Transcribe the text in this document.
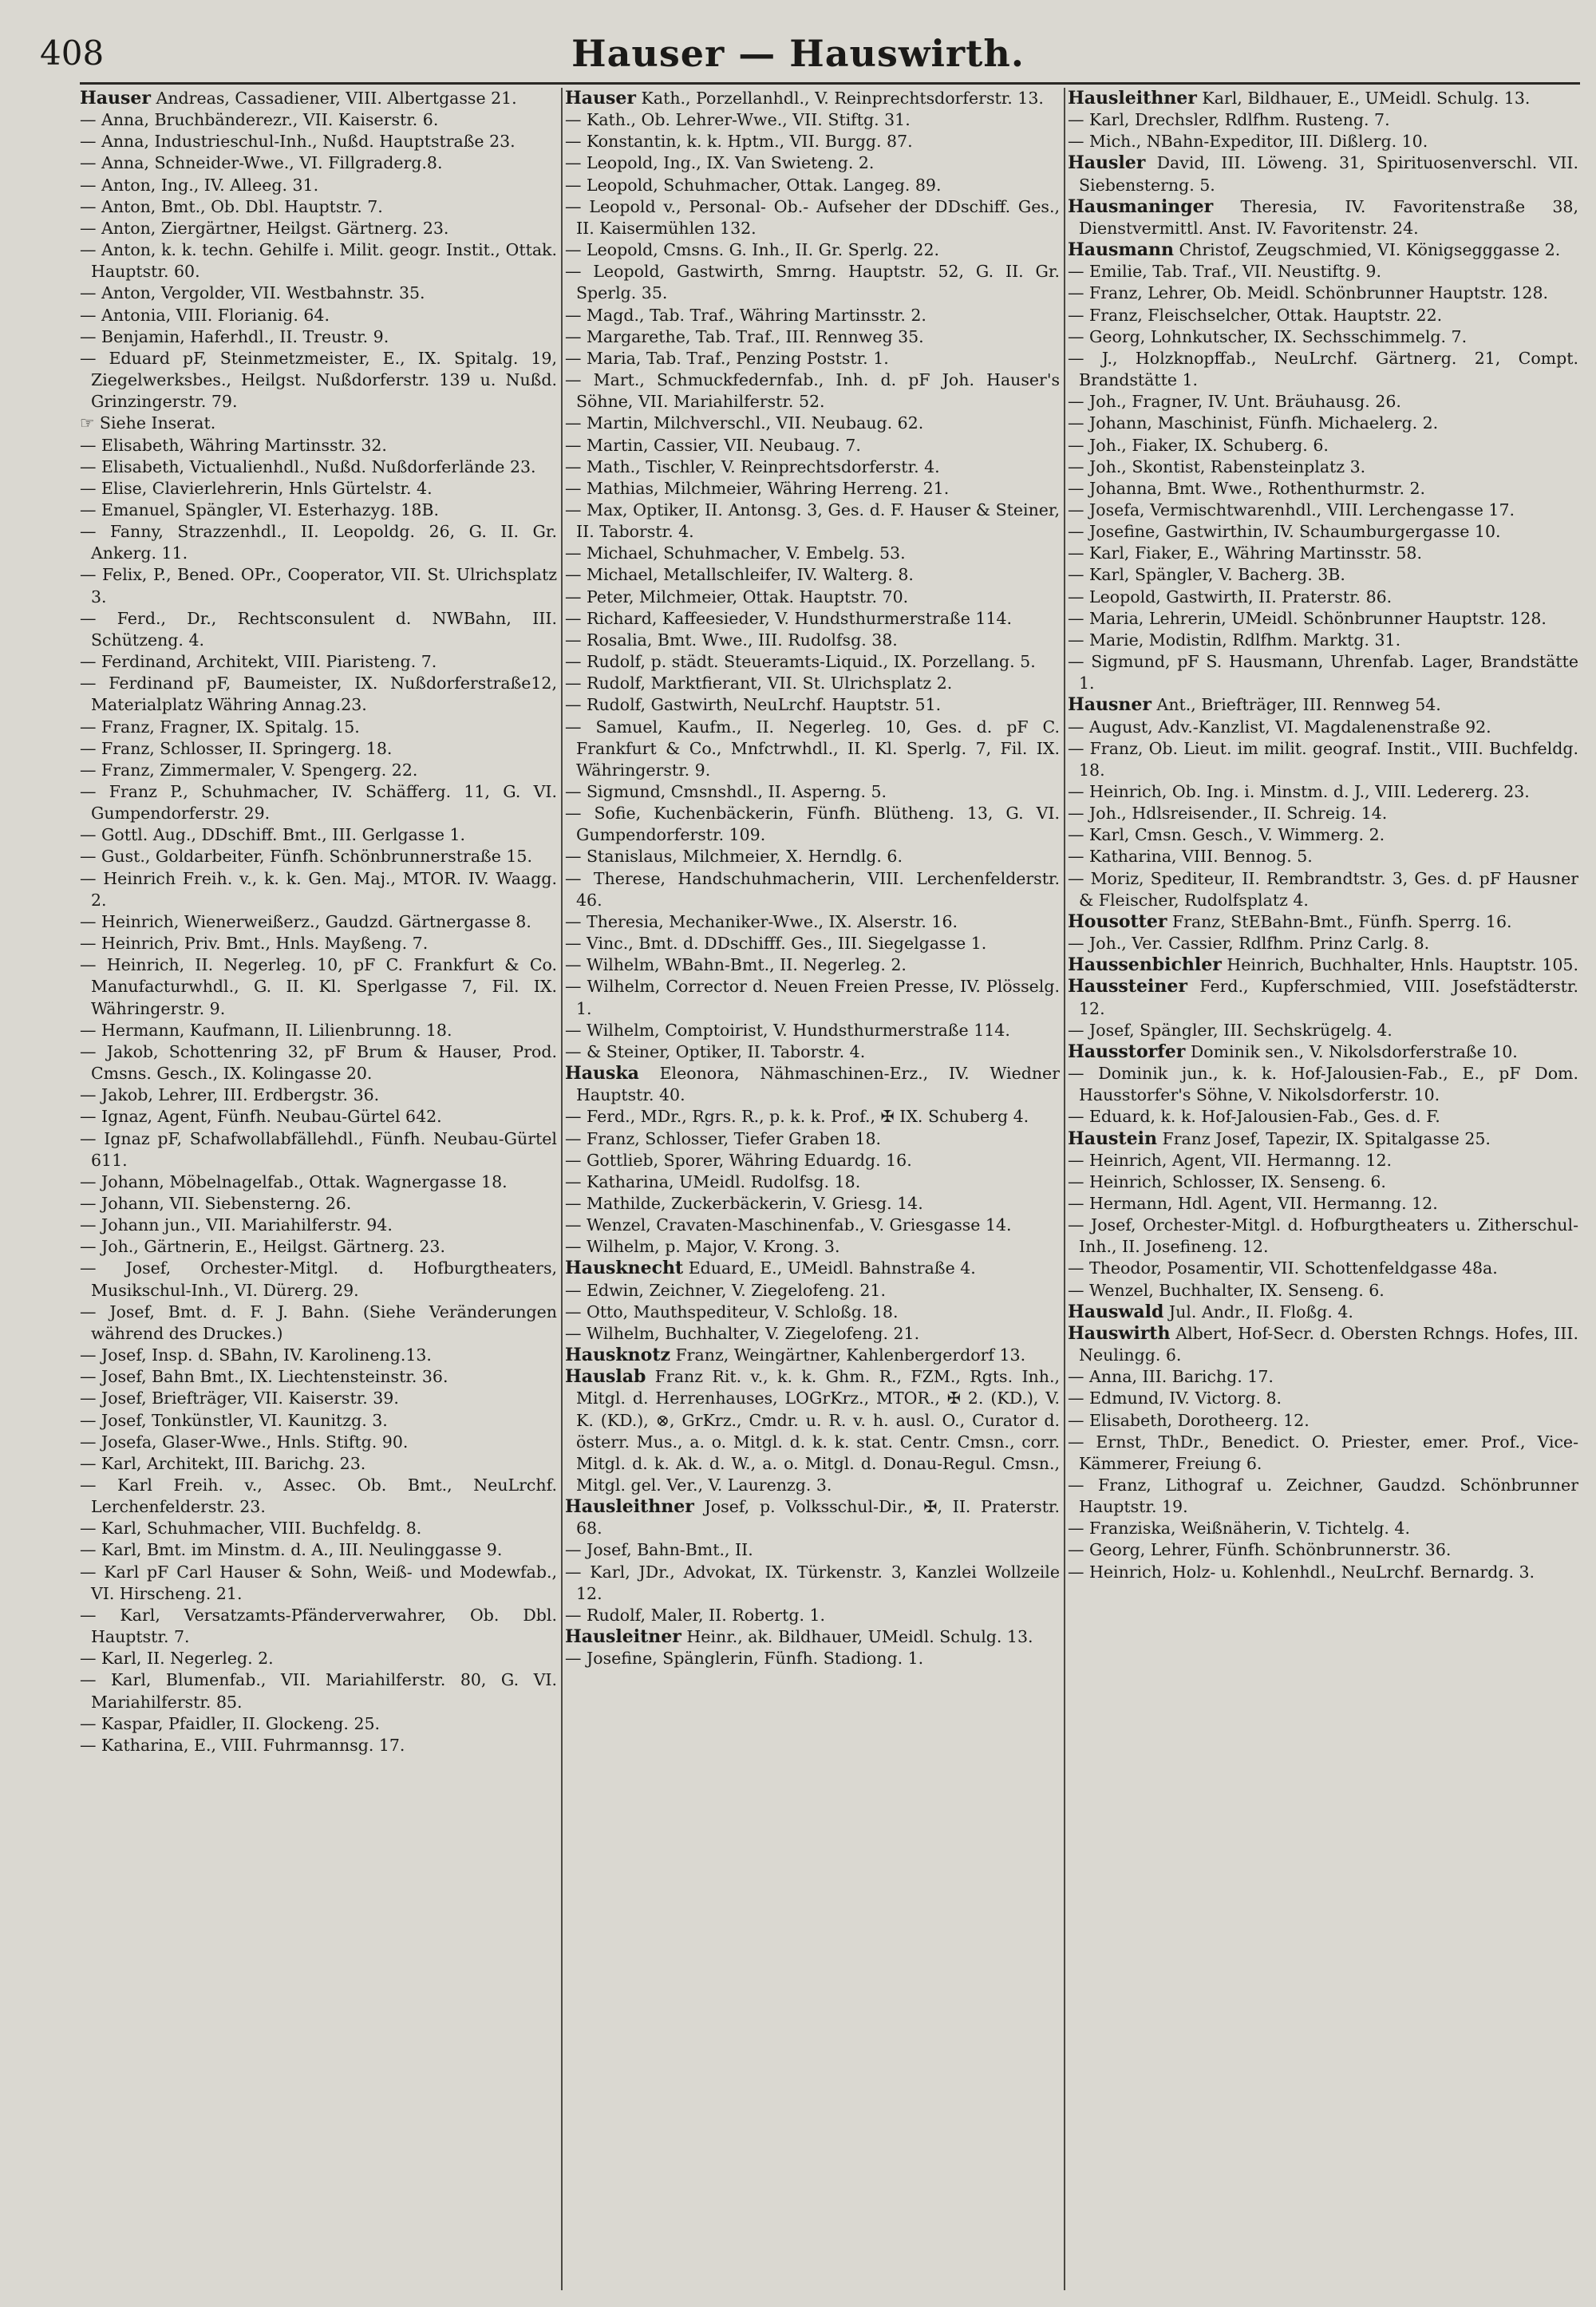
408	Hauser — Hauswirth.
Hauser Andreas, Cassadiener, VIII. Albertgasse 21.
— Anna, Bruchbänderezr., VII. Kaiserstr. 6.
— Anna, Industrieschul-Inh., Nußd. Hauptstraße 23.
— Anna, Schneider-Wwe., VI. Fillgraderg.8.
— Anton, Ing., IV. Alleeg. 31.
— Anton, Bmt., Ob. Dbl. Hauptstr. 7.
— Anton, Ziergärtner, Heilgst. Gärtnerg. 23.
— Anton, k. k. techn. Gehilfe i. Milit. geogr. Instit., Ottak. Hauptstr. 60.
— Anton, Vergolder, VII. Westbahnstr. 35.
— Antonia, VIII. Florianig. 64.
— Benjamin, Haferhdl., II. Treustr. 9.
— Eduard pF, Steinmetzmeister, E., IX. Spitalg. 19, Ziegelwerksbes., Heilgst. Nußdorferstr. 139 u. Nußd. Grinzingerstr. 79.
☞ Siehe Inserat.
— Elisabeth, Währing Martinsstr. 32.
— Elisabeth, Victualienhdl., Nußd. Nußdorferlände 23.
— Elise, Clavierlehrerin, Hnls Gürtelstr. 4.
— Emanuel, Spängler, VI. Esterhazyg. 18B.
— Fanny, Strazzenhdl., II. Leopoldg. 26, G. II. Gr. Ankerg. 11.
— Felix, P., Bened. OPr., Cooperator, VII. St. Ulrichsplatz 3.
— Ferd., Dr., Rechtsconsulent d. NWBahn, III. Schützeng. 4.
— Ferdinand, Architekt, VIII. Piaristeng. 7.
— Ferdinand pF, Baumeister, IX. Nußdorferstraße12, Materialplatz Währing Annag.23.
— Franz, Fragner, IX. Spitalg. 15.
— Franz, Schlosser, II. Springerg. 18.
— Franz, Zimmermaler, V. Spengerg. 22.
— Franz P., Schuhmacher, IV. Schäfferg. 11, G. VI. Gumpendorferstr. 29.
— Gottl. Aug., DDschiff. Bmt., III. Gerlgasse 1.
— Gust., Goldarbeiter, Fünfh. Schönbrunnerstraße 15.
— Heinrich Freih. v., k. k. Gen. Maj., MTOR. IV. Waagg. 2.
— Heinrich, Wienerweißerz., Gaudzd. Gärtnergasse 8.
— Heinrich, Priv. Bmt., Hnls. Mayßeng. 7.
— Heinrich, II. Negerleg. 10, pF C. Frankfurt & Co. Manufacturwhdl., G. II. Kl. Sperlgasse 7, Fil. IX. Währingerstr. 9.
— Hermann, Kaufmann, II. Lilienbrunng. 18.
— Jakob, Schottenring 32, pF Brum & Hauser, Prod. Cmsns. Gesch., IX. Kolingasse 20.
— Jakob, Lehrer, III. Erdbergstr. 36.
— Ignaz, Agent, Fünfh. Neubau-Gürtel 642.
— Ignaz pF, Schafwollabfällehdl., Fünfh. Neubau-Gürtel 611.
— Johann, Möbelnagelfab., Ottak. Wagnergasse 18.
— Johann, VII. Siebensterng. 26.
— Johann jun., VII. Mariahilferstr. 94.
— Joh., Gärtnerin, E., Heilgst. Gärtnerg. 23.
— Josef, Orchester-Mitgl. d. Hofburgtheaters, Musikschul-Inh., VI. Dürerg. 29.
— Josef, Bmt. d. F. J. Bahn. (Siehe Veränderungen während des Druckes.)
— Josef, Insp. d. SBahn, IV. Karolineng.13.
— Josef, Bahn Bmt., IX. Liechtensteinstr. 36.
— Josef, Briefträger, VII. Kaiserstr. 39.
— Josef, Tonkünstler, VI. Kaunitzg. 3.
— Josefa, Glaser-Wwe., Hnls. Stiftg. 90.
— Karl, Architekt, III. Barichg. 23.
— Karl Freih. v., Assec. Ob. Bmt., NeuLrchf. Lerchenfelderstr. 23.
— Karl, Schuhmacher, VIII. Buchfeldg. 8.
— Karl, Bmt. im Minstm. d. A., III. Neulinggasse 9.
— Karl pF Carl Hauser & Sohn, Weiß- und Modewfab., VI. Hirscheng. 21.
— Karl, Versatzamts-Pfänderverwahrer, Ob. Dbl. Hauptstr. 7.
— Karl, II. Negerleg. 2.
— Karl, Blumenfab., VII. Mariahilferstr. 80, G. VI. Mariahilferstr. 85.
— Kaspar, Pfaidler, II. Glockeng. 25.
— Katharina, E., VIII. Fuhrmannsg. 17.
Hauser Kath., Porzellanhdl., V. Reinprechtsdorferstr. 13.
— Kath., Ob. Lehrer-Wwe., VII. Stiftg. 31.
— Konstantin, k. k. Hptm., VII. Burgg. 87.
— Leopold, Ing., IX. Van Swieteng. 2.
— Leopold, Schuhmacher, Ottak. Langeg. 89.
— Leopold v., Personal- Ob.- Aufseher der DDschiff. Ges., II. Kaisermühlen 132.
— Leopold, Cmsns. G. Inh., II. Gr. Sperlg. 22.
— Leopold, Gastwirth, Smrng. Hauptstr. 52, G. II. Gr. Sperlg. 35.
— Magd., Tab. Traf., Währing Martinsstr. 2.
— Margarethe, Tab. Traf., III. Rennweg 35.
— Maria, Tab. Traf., Penzing Poststr. 1.
— Mart., Schmuckfedernfab., Inh. d. pF Joh. Hauser's Söhne, VII. Mariahilferstr. 52.
— Martin, Milchverschl., VII. Neubaug. 62.
— Martin, Cassier, VII. Neubaug. 7.
— Math., Tischler, V. Reinprechtsdorferstr. 4.
— Mathias, Milchmeier, Währing Herreng. 21.
— Max, Optiker, II. Antonsg. 3, Ges. d. F. Hauser & Steiner, II. Taborstr. 4.
— Michael, Schuhmacher, V. Embelg. 53.
— Michael, Metallschleifer, IV. Walterg. 8.
— Peter, Milchmeier, Ottak. Hauptstr. 70.
— Richard, Kaffeesieder, V. Hundsthurmerstraße 114.
— Rosalia, Bmt. Wwe., III. Rudolfsg. 38.
— Rudolf, p. städt. Steueramts-Liquid., IX. Porzellang. 5.
— Rudolf, Marktfierant, VII. St. Ulrichsplatz 2.
— Rudolf, Gastwirth, NeuLrchf. Hauptstr. 51.
— Samuel, Kaufm., II. Negerleg. 10, Ges. d. pF C. Frankfurt & Co., Mnfctrwhdl., II. Kl. Sperlg. 7, Fil. IX. Währingerstr. 9.
— Sigmund, Cmsnshdl., II. Asperng. 5.
— Sofie, Kuchenbäckerin, Fünfh. Blütheng. 13, G. VI. Gumpendorferstr. 109.
— Stanislaus, Milchmeier, X. Herndlg. 6.
— Therese, Handschuhmacherin, VIII. Lerchenfelderstr. 46.
— Theresia, Mechaniker-Wwe., IX. Alserstr. 16.
— Vinc., Bmt. d. DDschifff. Ges., III. Siegelgasse 1.
— Wilhelm, WBahn-Bmt., II. Negerleg. 2.
— Wilhelm, Corrector d. Neuen Freien Presse, IV. Plösselg. 1.
— Wilhelm, Comptoirist, V. Hundsthurmerstraße 114.
— & Steiner, Optiker, II. Taborstr. 4.
Hauska Eleonora, Nähmaschinen-Erz., IV. Wiedner Hauptstr. 40.
— Ferd., MDr., Rgrs. R., p. k. k. Prof., ✠ IX. Schuberg 4.
— Franz, Schlosser, Tiefer Graben 18.
— Gottlieb, Sporer, Währing Eduardg. 16.
— Katharina, UMeidl. Rudolfsg. 18.
— Mathilde, Zuckerbäckerin, V. Griesg. 14.
— Wenzel, Cravaten-Maschinenfab., V. Griesgasse 14.
— Wilhelm, p. Major, V. Krong. 3.
Hausknecht Eduard, E., UMeidl. Bahnstraße 4.
— Edwin, Zeichner, V. Ziegelofeng. 21.
— Otto, Mauthspediteur, V. Schloßg. 18.
— Wilhelm, Buchhalter, V. Ziegelofeng. 21.
Hausknotz Franz, Weingärtner, Kahlenbergerdorf 13.
Hauslab Franz Rit. v., k. k. Ghm. R., FZM., Rgts. Inh., Mitgl. d. Herrenhauses, LOGrKrz., MTOR., ✠ 2. (KD.), V. K. (KD.), ⊗, GrKrz., Cmdr. u. R. v. h. ausl. O., Curator d. österr. Mus., a. o. Mitgl. d. k. k. stat. Centr. Cmsn., corr. Mitgl. d. k. Ak. d. W., a. o. Mitgl. d. Donau-Regul. Cmsn., Mitgl. gel. Ver., V. Laurenzg. 3.
Hausleithner Josef, p. Volksschul-Dir., ✠, II. Praterstr. 68.
— Josef, Bahn-Bmt., II.
— Karl, JDr., Advokat, IX. Türkenstr. 3, Kanzlei Wollzeile 12.
— Rudolf, Maler, II. Robertg. 1.
Hausleitner Heinr., ak. Bildhauer, UMeidl. Schulg. 13.
— Josefine, Spänglerin, Fünfh. Stadiong. 1.
Hausleithner Karl, Bildhauer, E., UMeidl. Schulg. 13.
— Karl, Drechsler, Rdlfhm. Rusteng. 7.
— Mich., NBahn-Expeditor, III. Dißlerg. 10.
Hausler David, III. Löweng. 31, Spirituosenverschl. VII. Siebensterng. 5.
Hausmaninger Theresia, IV. Favoritenstraße 38, Dienstvermittl. Anst. IV. Favoritenstr. 24.
Hausmann Christof, Zeugschmied, VI. Königsegggasse 2.
— Emilie, Tab. Traf., VII. Neustiftg. 9.
— Franz, Lehrer, Ob. Meidl. Schönbrunner Hauptstr. 128.
— Franz, Fleischselcher, Ottak. Hauptstr. 22.
— Georg, Lohnkutscher, IX. Sechsschimmelg. 7.
— J., Holzknopffab., NeuLrchf. Gärtnerg. 21, Compt. Brandstätte 1.
— Joh., Fragner, IV. Unt. Bräuhausg. 26.
— Johann, Maschinist, Fünfh. Michaelerg. 2.
— Joh., Fiaker, IX. Schuberg. 6.
— Joh., Skontist, Rabensteinplatz 3.
— Johanna, Bmt. Wwe., Rothenthurmstr. 2.
— Josefa, Vermischtwarenhdl., VIII. Lerchengasse 17.
— Josefine, Gastwirthin, IV. Schaumburgergasse 10.
— Karl, Fiaker, E., Währing Martinsstr. 58.
— Karl, Spängler, V. Bacherg. 3B.
— Leopold, Gastwirth, II. Praterstr. 86.
— Maria, Lehrerin, UMeidl. Schönbrunner Hauptstr. 128.
— Marie, Modistin, Rdlfhm. Marktg. 31.
— Sigmund, pF S. Hausmann, Uhrenfab. Lager, Brandstätte 1.
Hausner Ant., Briefträger, III. Rennweg 54.
— August, Adv.-Kanzlist, VI. Magdalenenstraße 92.
— Franz, Ob. Lieut. im milit. geograf. Instit., VIII. Buchfeldg. 18.
— Heinrich, Ob. Ing. i. Minstm. d. J., VIII. Ledererg. 23.
— Joh., Hdlsreisender., II. Schreig. 14.
— Karl, Cmsn. Gesch., V. Wimmerg. 2.
— Katharina, VIII. Bennog. 5.
— Moriz, Spediteur, II. Rembrandtstr. 3, Ges. d. pF Hausner & Fleischer, Rudolfsplatz 4.
Housotter Franz, StEBahn-Bmt., Fünfh. Sperrg. 16.
— Joh., Ver. Cassier, Rdlfhm. Prinz Carlg. 8.
Haussenbichler Heinrich, Buchhalter, Hnls. Hauptstr. 105.
Haussteiner Ferd., Kupferschmied, VIII. Josefstädterstr. 12.
— Josef, Spängler, III. Sechskrügelg. 4.
Hausstorfer Dominik sen., V. Nikolsdorferstraße 10.
— Dominik jun., k. k. Hof-Jalousien-Fab., E., pF Dom. Hausstorfer's Söhne, V. Nikolsdorferstr. 10.
— Eduard, k. k. Hof-Jalousien-Fab., Ges. d. F.
Haustein Franz Josef, Tapezir, IX. Spitalgasse 25.
— Heinrich, Agent, VII. Hermanng. 12.
— Heinrich, Schlosser, IX. Senseng. 6.
— Hermann, Hdl. Agent, VII. Hermanng. 12.
— Josef, Orchester-Mitgl. d. Hofburgtheaters u. Zitherschul-Inh., II. Josefineng. 12.
— Theodor, Posamentir, VII. Schottenfeldgasse 48a.
— Wenzel, Buchhalter, IX. Senseng. 6.
Hauswald Jul. Andr., II. Floßg. 4.
Hauswirth Albert, Hof-Secr. d. Obersten Rchngs. Hofes, III. Neulingg. 6.
— Anna, III. Barichg. 17.
— Edmund, IV. Victorg. 8.
— Elisabeth, Dorotheerg. 12.
— Ernst, ThDr., Benedict. O. Priester, emer. Prof., Vice-Kämmerer, Freiung 6.
— Franz, Lithograf u. Zeichner, Gaudzd. Schönbrunner Hauptstr. 19.
— Franziska, Weißnäherin, V. Tichtelg. 4.
— Georg, Lehrer, Fünfh. Schönbrunnerstr. 36.
— Heinrich, Holz- u. Kohlenhdl., NeuLrchf. Bernardg. 3.
